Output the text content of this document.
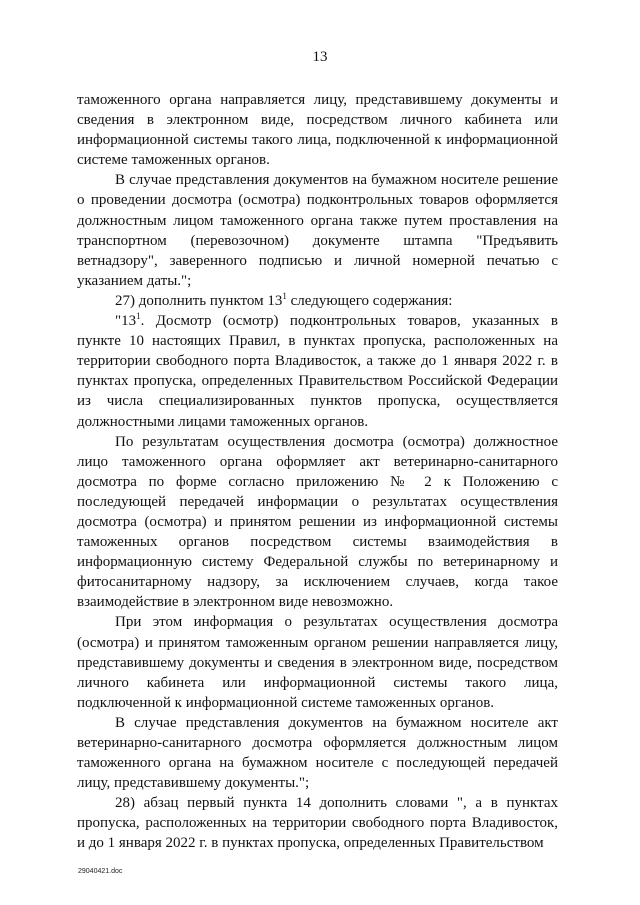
13

таможенного органа направляется лицу, представившему документы и сведения в электронном виде, посредством личного кабинета или информационной системы такого лица, подключенной к информационной системе таможенных органов.

В случае представления документов на бумажном носителе решение о проведении досмотра (осмотра) подконтрольных товаров оформляется должностным лицом таможенного органа также путем проставления на транспортном (перевозочном) документе штампа "Предъявить ветнадзору", заверенного подписью и личной номерной печатью с указанием даты.";

27) дополнить пунктом $13^1$ следующего содержания:

"$13^1$. Досмотр (осмотр) подконтрольных товаров, указанных в пункте 10 настоящих Правил, в пунктах пропуска, расположенных на территории свободного порта Владивосток, а также до 1 января 2022 г. в пунктах пропуска, определенных Правительством Российской Федерации из числа специализированных пунктов пропуска, осуществляется должностными лицами таможенных органов.

По результатам осуществления досмотра (осмотра) должностное лицо таможенного органа оформляет акт ветеринарно-санитарного досмотра по форме согласно приложению № 2 к Положению с последующей передачей информации о результатах осуществления досмотра (осмотра) и принятом решении из информационной системы таможенных органов посредством системы взаимодействия в информационную систему Федеральной службы по ветеринарному и фитосанитарному надзору, за исключением случаев, когда такое взаимодействие в электронном виде невозможно.

При этом информация о результатах осуществления досмотра (осмотра) и принятом таможенным органом решении направляется лицу, представившему документы и сведения в электронном виде, посредством личного кабинета или информационной системы такого лица, подключенной к информационной системе таможенных органов.

В случае представления документов на бумажном носителе акт ветеринарно-санитарного досмотра оформляется должностным лицом таможенного органа на бумажном носителе с последующей передачей лицу, представившему документы.";

28) абзац первый пункта 14 дополнить словами ", а в пунктах пропуска, расположенных на территории свободного порта Владивосток, и до 1 января 2022 г. в пунктах пропуска, определенных Правительством

29040421.doc
